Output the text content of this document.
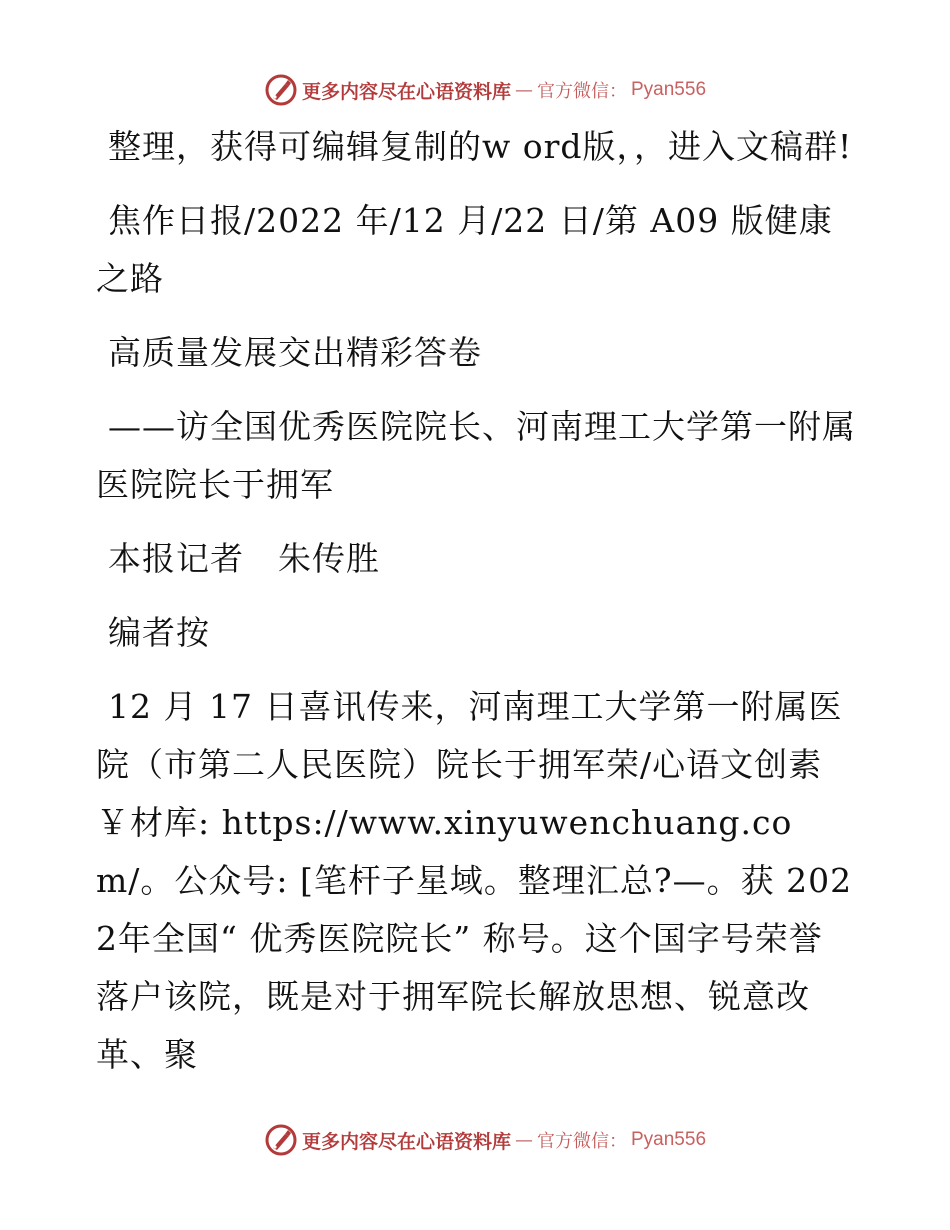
更多内容尽在心语资料库 — 官方微信： Pyan556

整理，获得可编辑复制的w ord版，，进入文稿群!

焦作日报/2022 年/12 月/22 日/第 A09 版健康之路

高质量发展交出精彩答卷

——访全国优秀医院院长、河南理工大学第一附属医院院长于拥军

本报记者　朱传胜

编者按

12 月 17 日喜讯传来，河南理工大学第一附属医院（市第二人民医院）院长于拥军荣/心语文创素￥材库: https://www.xinyuwenchuang.com/。公众号: [笔杆子星域。整理汇总?—。获 2022年全国“ 优秀医院院长” 称号。这个国字号荣誉落户该院，既是对于拥军院长解放思想、锐意改革、聚

更多内容尽在心语资料库 — 官方微信： Pyan556
